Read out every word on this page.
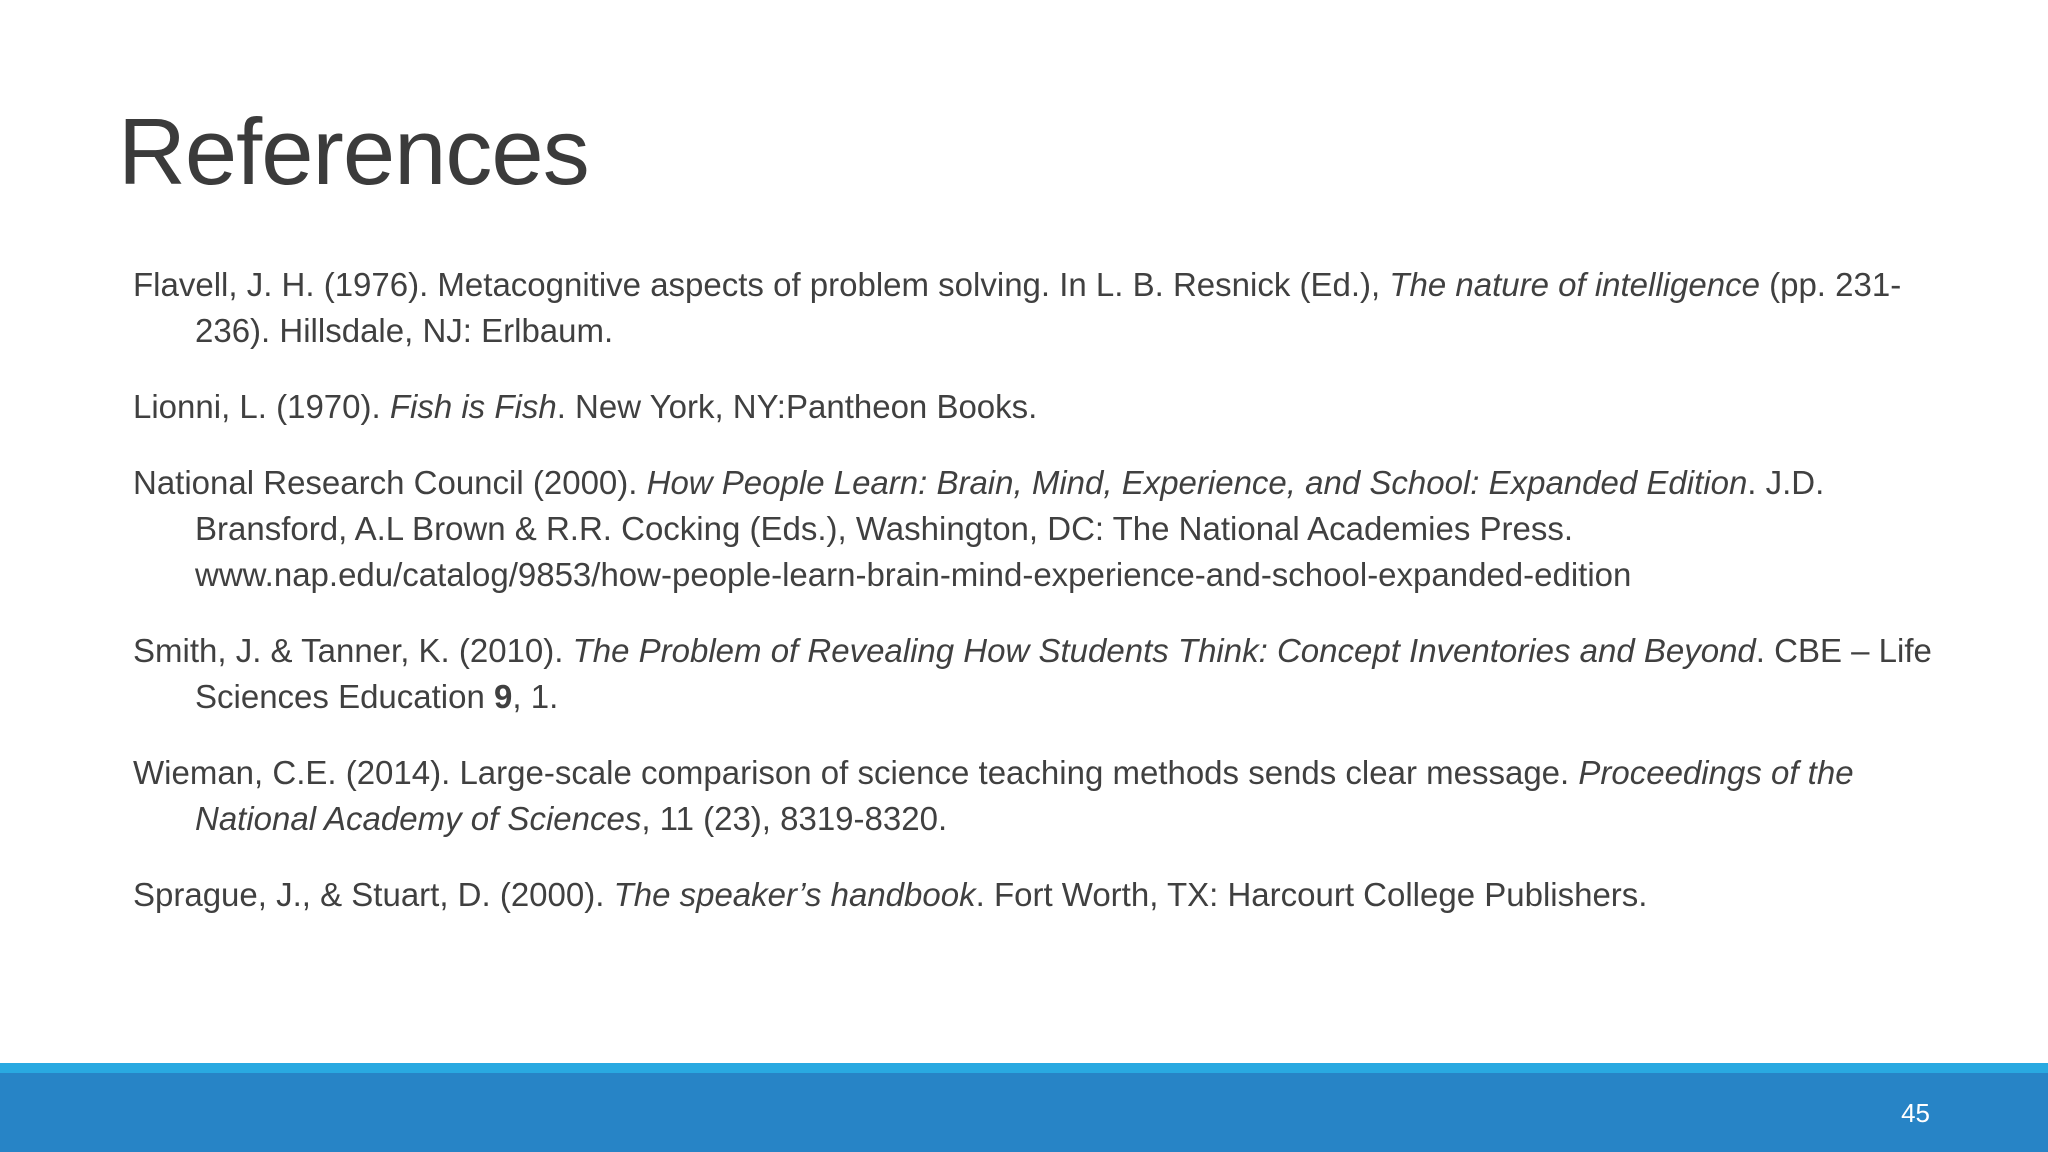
References
Flavell, J. H. (1976). Metacognitive aspects of problem solving. In L. B. Resnick (Ed.), The nature of intelligence (pp. 231-236). Hillsdale, NJ: Erlbaum.
Lionni, L. (1970). Fish is Fish. New York, NY:Pantheon Books.
National Research Council (2000). How People Learn: Brain, Mind, Experience, and School: Expanded Edition. J.D. Bransford, A.L Brown & R.R. Cocking (Eds.), Washington, DC: The National Academies Press. www.nap.edu/catalog/9853/how-people-learn-brain-mind-experience-and-school-expanded-edition
Smith, J. & Tanner, K. (2010). The Problem of Revealing How Students Think: Concept Inventories and Beyond. CBE – Life Sciences Education 9, 1.
Wieman, C.E. (2014). Large-scale comparison of science teaching methods sends clear message. Proceedings of the National Academy of Sciences, 11 (23), 8319-8320.
Sprague, J., & Stuart, D. (2000). The speaker’s handbook. Fort Worth, TX: Harcourt College Publishers.
45
